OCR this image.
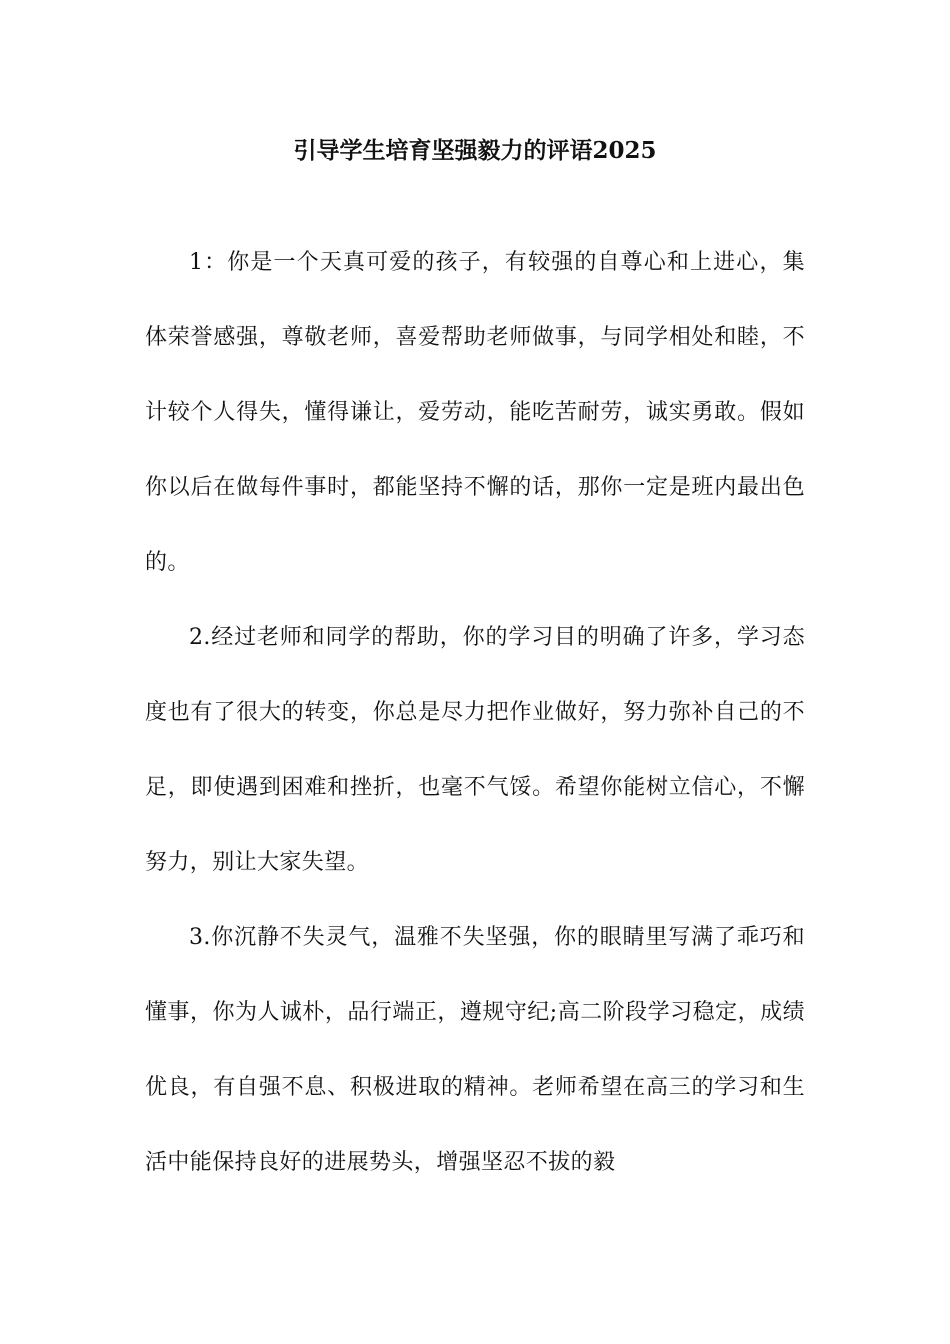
引导学生培育坚强毅力的评语2025

1：你是一个天真可爱的孩子，有较强的自尊心和上进心，集体荣誉感强，尊敬老师，喜爱帮助老师做事，与同学相处和睦，不计较个人得失，懂得谦让，爱劳动，能吃苦耐劳，诚实勇敢。假如你以后在做每件事时，都能坚持不懈的话，那你一定是班内最出色的。

2.经过老师和同学的帮助，你的学习目的明确了许多，学习态度也有了很大的转变，你总是尽力把作业做好，努力弥补自己的不足，即使遇到困难和挫折，也毫不气馁。希望你能树立信心，不懈努力，别让大家失望。

3.你沉静不失灵气，温雅不失坚强，你的眼睛里写满了乖巧和懂事，你为人诚朴，品行端正，遵规守纪;高二阶段学习稳定，成绩优良，有自强不息、积极进取的精神。老师希望在高三的学习和生活中能保持良好的进展势头，增强坚忍不拔的毅
